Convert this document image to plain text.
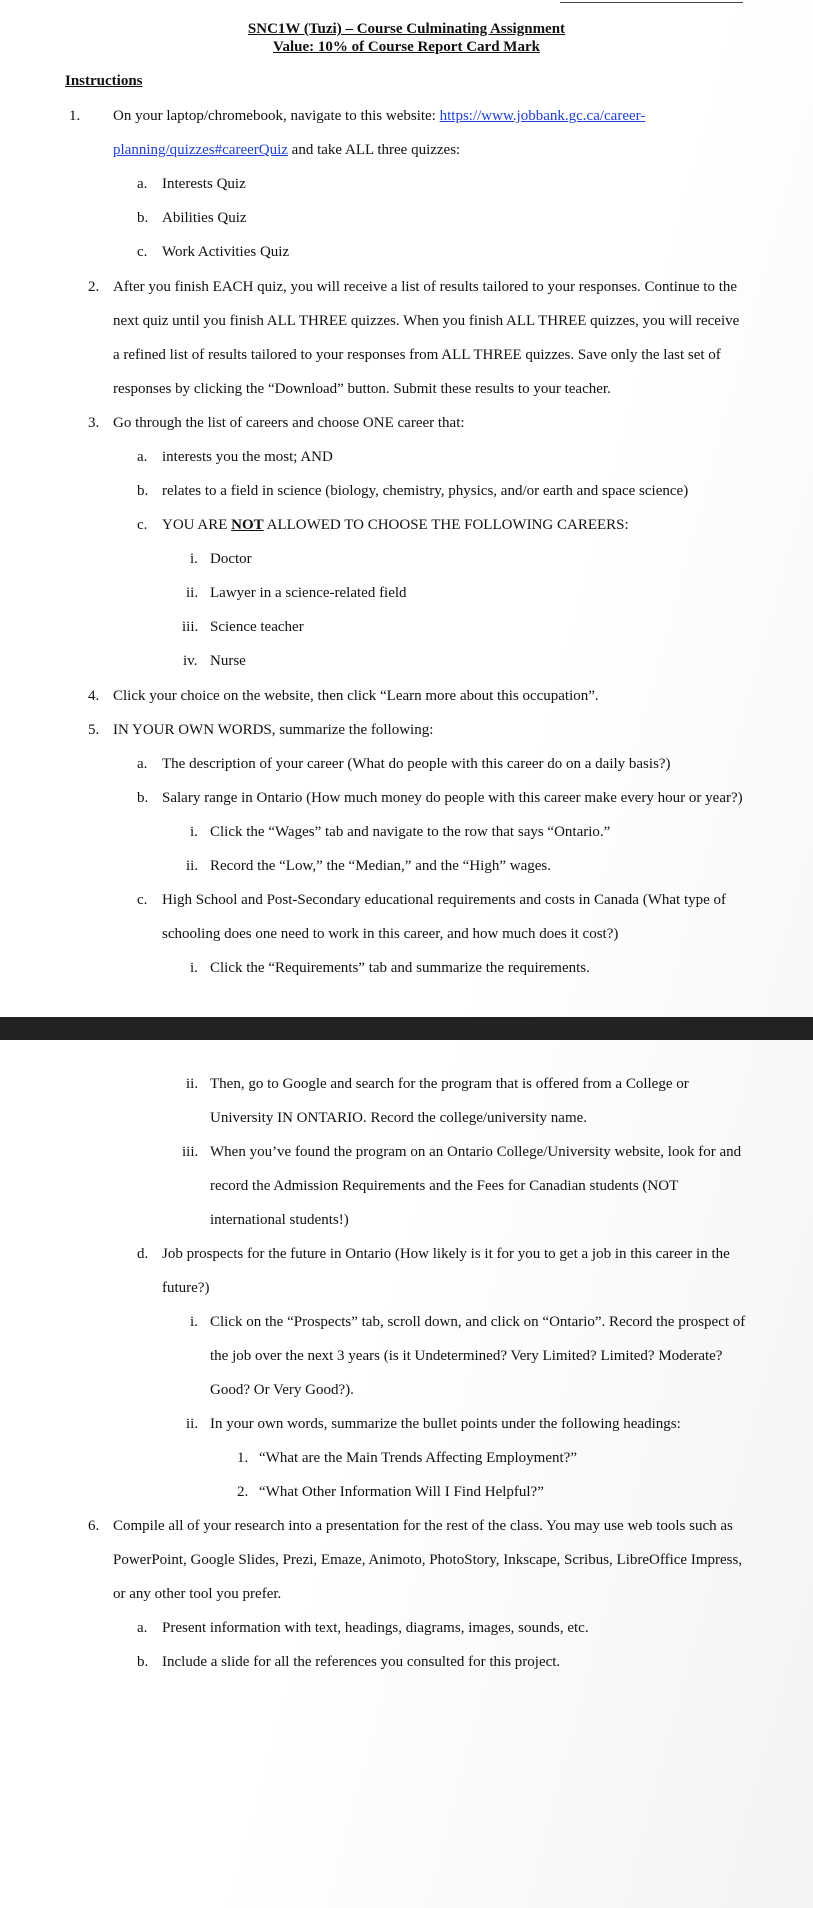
SNC1W (Tuzi) – Course Culminating Assignment
Value: 10% of Course Report Card Mark
Instructions
1. On your laptop/chromebook, navigate to this website: https://www.jobbank.gc.ca/career-
planning/quizzes#careerQuiz and take ALL three quizzes:
a. Interests Quiz
b. Abilities Quiz
c. Work Activities Quiz
2. After you finish EACH quiz, you will receive a list of results tailored to your responses. Continue to the
next quiz until you finish ALL THREE quizzes. When you finish ALL THREE quizzes, you will receive
a refined list of results tailored to your responses from ALL THREE quizzes. Save only the last set of
responses by clicking the “Download” button. Submit these results to your teacher.
3. Go through the list of careers and choose ONE career that:
a. interests you the most; AND
b. relates to a field in science (biology, chemistry, physics, and/or earth and space science)
c. YOU ARE NOT ALLOWED TO CHOOSE THE FOLLOWING CAREERS:
i. Doctor
ii. Lawyer in a science-related field
iii. Science teacher
iv. Nurse
4. Click your choice on the website, then click “Learn more about this occupation”.
5. IN YOUR OWN WORDS, summarize the following:
a. The description of your career (What do people with this career do on a daily basis?)
b. Salary range in Ontario (How much money do people with this career make every hour or year?)
i. Click the “Wages” tab and navigate to the row that says “Ontario.”
ii. Record the “Low,” the “Median,” and the “High” wages.
c. High School and Post-Secondary educational requirements and costs in Canada (What type of
schooling does one need to work in this career, and how much does it cost?)
i. Click the “Requirements” tab and summarize the requirements.
ii. Then, go to Google and search for the program that is offered from a College or
University IN ONTARIO. Record the college/university name.
iii. When you’ve found the program on an Ontario College/University website, look for and
record the Admission Requirements and the Fees for Canadian students (NOT
international students!)
d. Job prospects for the future in Ontario (How likely is it for you to get a job in this career in the
future?)
i. Click on the “Prospects” tab, scroll down, and click on “Ontario”. Record the prospect of
the job over the next 3 years (is it Undetermined? Very Limited? Limited? Moderate?
Good? Or Very Good?).
ii. In your own words, summarize the bullet points under the following headings:
1. “What are the Main Trends Affecting Employment?”
2. “What Other Information Will I Find Helpful?”
6. Compile all of your research into a presentation for the rest of the class. You may use web tools such as
PowerPoint, Google Slides, Prezi, Emaze, Animoto, PhotoStory, Inkscape, Scribus, LibreOffice Impress,
or any other tool you prefer.
a. Present information with text, headings, diagrams, images, sounds, etc.
b. Include a slide for all the references you consulted for this project.
